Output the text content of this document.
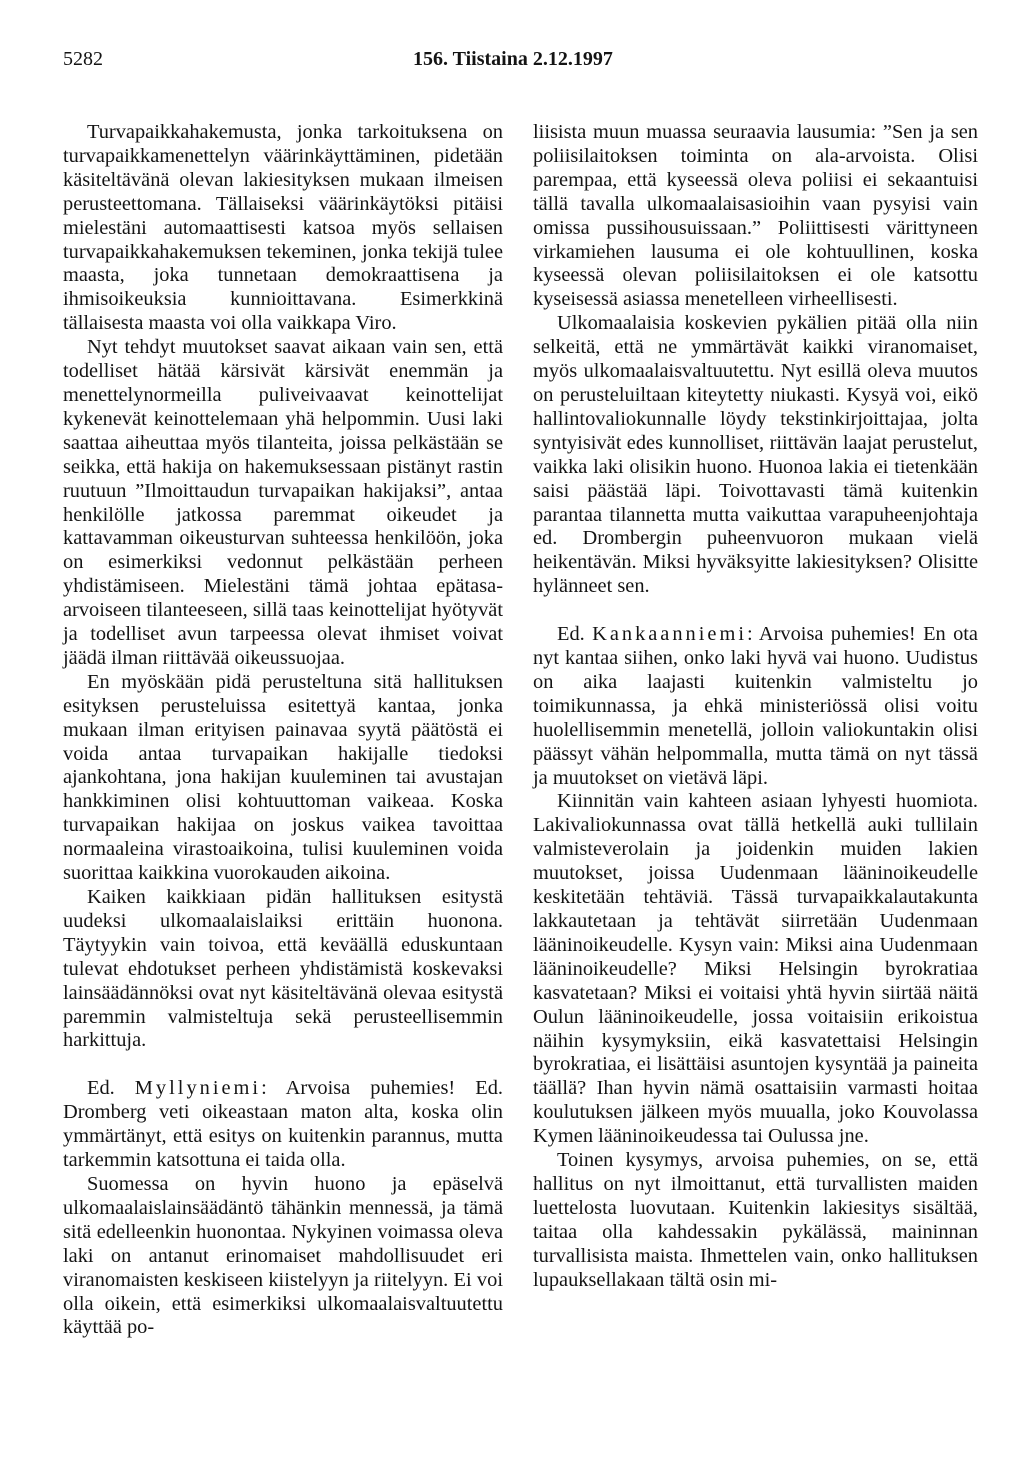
5282	156. Tiistaina 2.12.1997

Turvapaikkahakemusta, jonka tarkoituksena on turvapaikkamenettelyn väärinkäyttäminen, pidetään käsiteltävänä olevan lakiesityksen mukaan ilmeisen perusteettomana. Tällaiseksi väärinkäytöksi pitäisi mielestäni automaattisesti katsoa myös sellaisen turvapaikkahakemuksen tekeminen, jonka tekijä tulee maasta, joka tunnetaan demokraattisena ja ihmisoikeuksia kunnioittavana. Esimerkkinä tällaisesta maasta voi olla vaikkapa Viro.

Nyt tehdyt muutokset saavat aikaan vain sen, että todelliset hätää kärsivät kärsivät enemmän ja menettelynormeilla puliveivaavat keinottelijat kykenevät keinottelemaan yhä helpommin. Uusi laki saattaa aiheuttaa myös tilanteita, joissa pelkästään se seikka, että hakija on hakemuksessaan pistänyt rastin ruutuun ”Ilmoittaudun turvapaikan hakijaksi”, antaa henkilölle jatkossa paremmat oikeudet ja kattavamman oikeusturvan suhteessa henkilöön, joka on esimerkiksi vedonnut pelkästään perheen yhdistämiseen. Mielestäni tämä johtaa epätasa-arvoiseen tilanteeseen, sillä taas keinottelijat hyötyvät ja todelliset avun tarpeessa olevat ihmiset voivat jäädä ilman riittävää oikeussuojaa.

En myöskään pidä perusteltuna sitä hallituksen esityksen perusteluissa esitettyä kantaa, jonka mukaan ilman erityisen painavaa syytä päätöstä ei voida antaa turvapaikan hakijalle tiedoksi ajankohtana, jona hakijan kuuleminen tai avustajan hankkiminen olisi kohtuuttoman vaikeaa. Koska turvapaikan hakijaa on joskus vaikea tavoittaa normaaleina virastoaikoina, tulisi kuuleminen voida suorittaa kaikkina vuorokauden aikoina.

Kaiken kaikkiaan pidän hallituksen esitystä uudeksi ulkomaalaislaiksi erittäin huonona. Täytyykin vain toivoa, että keväällä eduskuntaan tulevat ehdotukset perheen yhdistämistä koskevaksi lainsäädännöksi ovat nyt käsiteltävänä olevaa esitystä paremmin valmisteltuja sekä perusteellisemmin harkittuja.

Ed. Myllyniemi: Arvoisa puhemies! Ed. Dromberg veti oikeastaan maton alta, koska olin ymmärtänyt, että esitys on kuitenkin parannus, mutta tarkemmin katsottuna ei taida olla.

Suomessa on hyvin huono ja epäselvä ulkomaalaislainsäädäntö tähänkin mennessä, ja tämä sitä edelleenkin huonontaa. Nykyinen voimassa oleva laki on antanut erinomaiset mahdollisuudet eri viranomaisten keskiseen kiistelyyn ja riitelyyn. Ei voi olla oikein, että esimerkiksi ulkomaalaisvaltuutettu käyttää po-

liisista muun muassa seuraavia lausumia: ”Sen ja sen poliisilaitoksen toiminta on ala-arvoista. Olisi parempaa, että kyseessä oleva poliisi ei sekaantuisi tällä tavalla ulkomaalaisasioihin vaan pysyisi vain omissa pussihousuissaan.” Poliittisesti värittyneen virkamiehen lausuma ei ole kohtuullinen, koska kyseessä olevan poliisilaitoksen ei ole katsottu kyseisessä asiassa menetelleen virheellisesti.

Ulkomaalaisia koskevien pykälien pitää olla niin selkeitä, että ne ymmärtävät kaikki viranomaiset, myös ulkomaalaisvaltuutettu. Nyt esillä oleva muutos on perusteluiltaan kiteytetty niukasti. Kysyä voi, eikö hallintovaliokunnalle löydy tekstinkirjoittajaa, jolta syntyisivät edes kunnolliset, riittävän laajat perustelut, vaikka laki olisikin huono. Huonoa lakia ei tietenkään saisi päästää läpi. Toivottavasti tämä kuitenkin parantaa tilannetta mutta vaikuttaa varapuheenjohtaja ed. Drombergin puheenvuoron mukaan vielä heikentävän. Miksi hyväksyitte lakiesityksen? Olisitte hylänneet sen.

Ed. Kankaanniemi: Arvoisa puhemies! En ota nyt kantaa siihen, onko laki hyvä vai huono. Uudistus on aika laajasti kuitenkin valmisteltu jo toimikunnassa, ja ehkä ministeriössä olisi voitu huolellisemmin menetellä, jolloin valiokuntakin olisi päässyt vähän helpommalla, mutta tämä on nyt tässä ja muutokset on vietävä läpi.

Kiinnitän vain kahteen asiaan lyhyesti huomiota. Lakivaliokunnassa ovat tällä hetkellä auki tullilain valmisteverolain ja joidenkin muiden lakien muutokset, joissa Uudenmaan lääninoikeudelle keskitetään tehtäviä. Tässä turvapaikkalautakunta lakkautetaan ja tehtävät siirretään Uudenmaan lääninoikeudelle. Kysyn vain: Miksi aina Uudenmaan lääninoikeudelle? Miksi Helsingin byrokratiaa kasvatetaan? Miksi ei voitaisi yhtä hyvin siirtää näitä Oulun lääninoikeudelle, jossa voitaisiin erikoistua näihin kysymyksiin, eikä kasvatettaisi Helsingin byrokratiaa, ei lisättäisi asuntojen kysyntää ja paineita täällä? Ihan hyvin nämä osattaisiin varmasti hoitaa koulutuksen jälkeen myös muualla, joko Kouvolassa Kymen lääninoikeudessa tai Oulussa jne.

Toinen kysymys, arvoisa puhemies, on se, että hallitus on nyt ilmoittanut, että turvallisten maiden luettelosta luovutaan. Kuitenkin lakiesitys sisältää, taitaa olla kahdessakin pykälässä, maininnan turvallisista maista. Ihmettelen vain, onko hallituksen lupauksellakaan tältä osin mi-
